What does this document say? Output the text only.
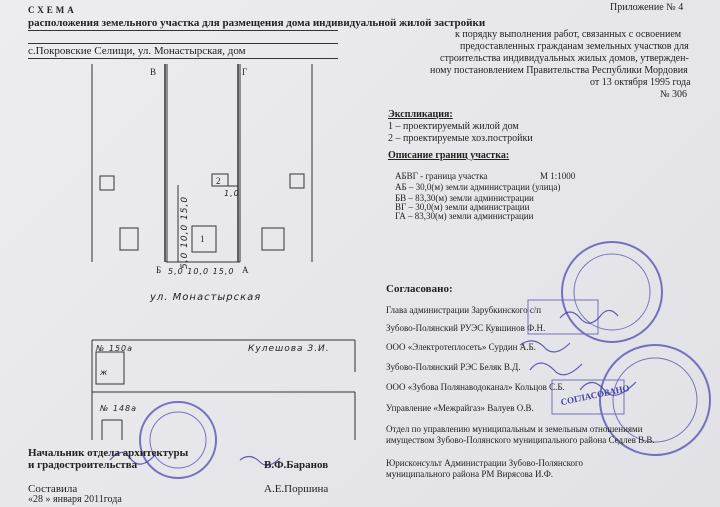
СХЕМА
расположения земельного участка для размещения дома индивидуальной жилой застройки
с.Покровские Селищи, ул. Монастырская, дом
Приложение № 4
к порядку выполнения работ, связанных с освоением
предоставленных гражданам земельных участков для
строительства индивидуальных жилых домов, утвержден-
ному постановлением Правительства Республики Мордовия
от 13 октября 1995 года
№ 306
В	Г
Б	А
5,0 10,0 15,0
1,0
5,0 10,0 15,0
1
2
ул. Монастырская
Кулешова З.И.
№ 150а
ж
№ 148а
Экспликация:
1 – проектируемый жилой дом
2 – проектируемые хоз.постройки
Описание границ участка:
АБВГ - граница участка	М 1:1000
АБ – 30,0(м) земли администрации (улица)
БВ – 83,30(м) земли администрации
ВГ – 30,0(м) земли администрации
ГА – 83,30(м) земли администрации
Согласовано:
Глава администрации Зарубкинского с/п
Зубово-Полянский РУЭС Кувшинов Ф.Н.
ООО «Электротеплосеть» Сурдин А.Б.
Зубово-Полянский РЭС Беляк В.Д.
ООО «Зубова Полянаводоканал» Кольцов С.Б.
Управление «Межрайгаз» Валуев О.В.
Отдел по управлению муниципальным и земельным отношениями
имуществом Зубово-Полянского муниципального района Седлев В.В.
Юрисконсульт Администрации Зубово-Полянского
муниципального района РМ Вирясова И.Ф.
СОГЛАСОВАНО
Начальник отдела архитектуры
и градостроительства	В.Ф.Баранов
Составила	А.Е.Поршина
«28 » января 2011года
